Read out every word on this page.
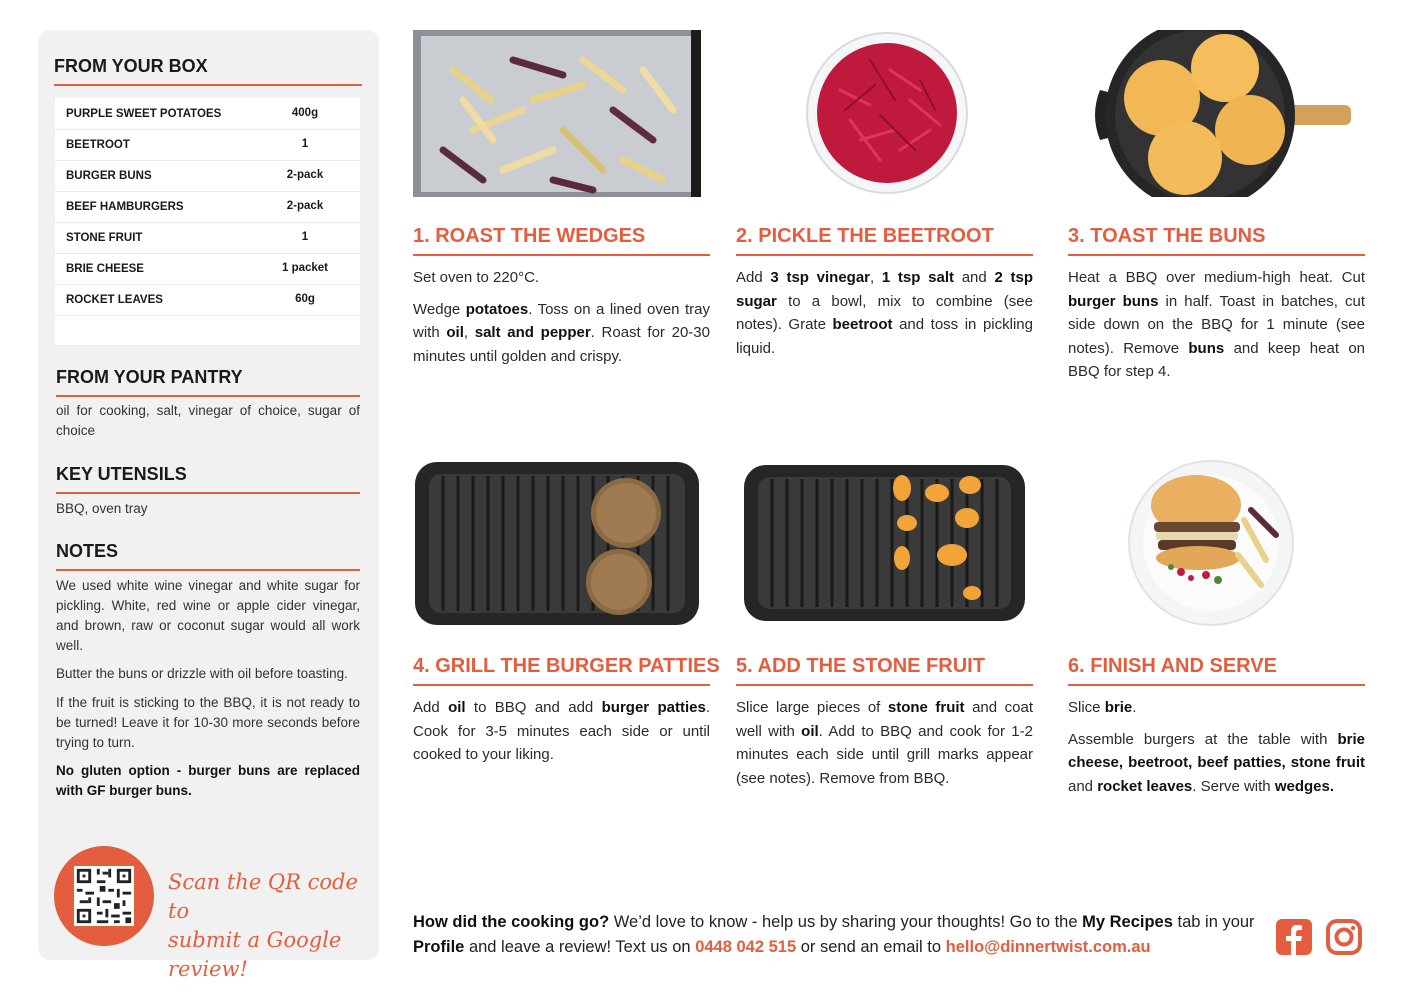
FROM YOUR BOX
PURPLE SWEET POTATOES	400g
BEETROOT	1
BURGER BUNS	2-pack
BEEF HAMBURGERS	2-pack
STONE FRUIT	1
BRIE CHEESE	1 packet
ROCKET LEAVES	60g
FROM YOUR PANTRY
oil for cooking, salt, vinegar of choice, sugar of choice
KEY UTENSILS
BBQ, oven tray
NOTES
We used white wine vinegar and white sugar for pickling. White, red wine or apple cider vinegar, and brown, raw or coconut sugar would all work well.
Butter the buns or drizzle with oil before toasting.
If the fruit is sticking to the BBQ, it is not ready to be turned! Leave it for 10-30 more seconds before trying to turn.
No gluten option - burger buns are replaced with GF burger buns.
Scan the QR code to
submit a Google review!
1. ROAST THE WEDGES	2. PICKLE THE BEETROOT	3. TOAST THE BUNS
4. GRILL THE BURGER PATTIES 5. ADD THE STONE FRUIT	6. FINISH AND SERVE

Set oven to 220°C.

Wedge potatoes. Toss on a lined oven tray with oil, salt and pepper. Roast for 20-30 minutes until golden and crispy.

Add 3 tsp vinegar, 1 tsp salt and 2 tsp sugar to a bowl, mix to combine (see notes). Grate beetroot and toss in pickling liquid.

Heat a BBQ over medium-high heat. Cut burger buns in half. Toast in batches, cut side down on the BBQ for 1 minute (see notes). Remove buns and keep heat on BBQ for step 4.

Add oil to BBQ and add burger patties. Cook for 3-5 minutes each side or until cooked to your liking.

Slice large pieces of stone fruit and coat well with oil. Add to BBQ and cook for 1-2 minutes each side until grill marks appear (see notes). Remove from BBQ.

Slice brie.

Assemble burgers at the table with brie cheese, beetroot, beef patties, stone fruit and rocket leaves. Serve with wedges.

How did the cooking go? We’d love to know - help us by sharing your thoughts! Go to the My Recipes tab in your Profile and leave a review! Text us on 0448 042 515 or send an email to hello@dinnertwist.com.au
